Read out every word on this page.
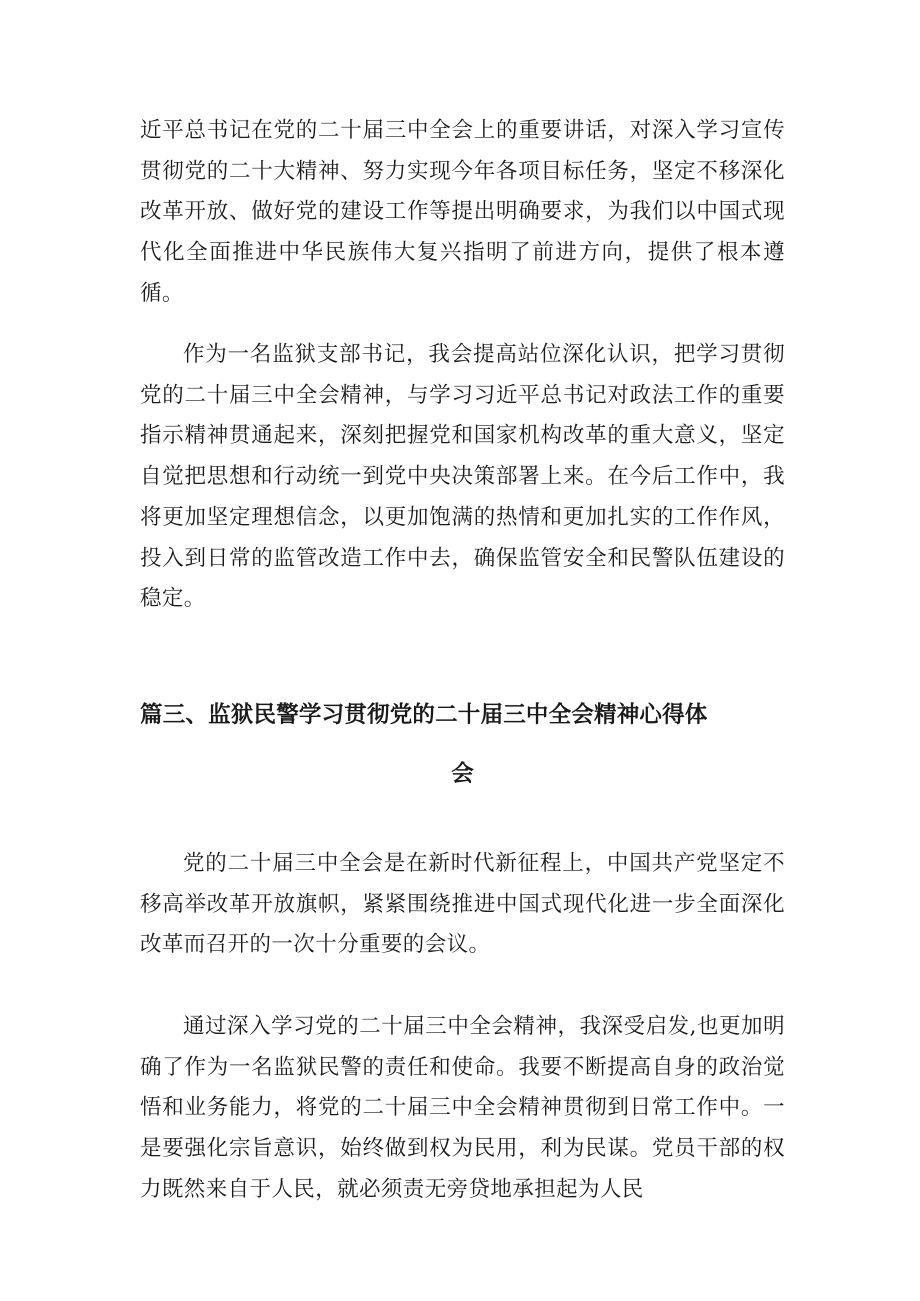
近平总书记在党的二十届三中全会上的重要讲话，对深入学习宣传贯彻党的二十大精神、努力实现今年各项目标任务，坚定不移深化改革开放、做好党的建设工作等提出明确要求，为我们以中国式现代化全面推进中华民族伟大复兴指明了前进方向，提供了根本遵循。

作为一名监狱支部书记，我会提高站位深化认识，把学习贯彻党的二十届三中全会精神，与学习习近平总书记对政法工作的重要指示精神贯通起来，深刻把握党和国家机构改革的重大意义，坚定自觉把思想和行动统一到党中央决策部署上来。在今后工作中，我将更加坚定理想信念，以更加饱满的热情和更加扎实的工作作风，投入到日常的监管改造工作中去，确保监管安全和民警队伍建设的稳定。

篇三、监狱民警学习贯彻党的二十届三中全会精神心得体
会

党的二十届三中全会是在新时代新征程上，中国共产党坚定不移高举改革开放旗帜，紧紧围绕推进中国式现代化进一步全面深化改革而召开的一次十分重要的会议。

通过深入学习党的二十届三中全会精神，我深受启发,也更加明确了作为一名监狱民警的责任和使命。我要不断提高自身的政治觉悟和业务能力，将党的二十届三中全会精神贯彻到日常工作中。一是要强化宗旨意识，始终做到权为民用，利为民谋。党员干部的权力既然来自于人民，就必须责无旁贷地承担起为人民
